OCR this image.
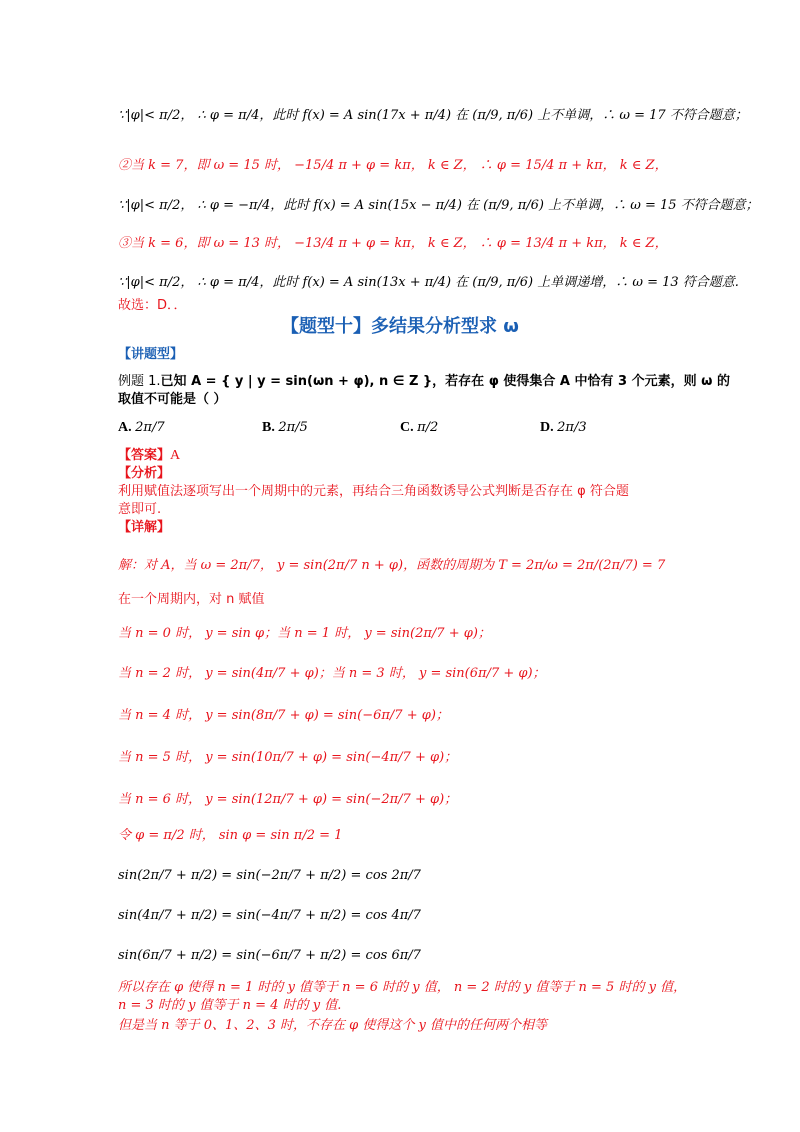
∵|φ|< π/2， ∴ φ = π/4，此时 f(x) = A sin(17x + π/4) 在 (π/9, π/6) 上不单调，∴ ω = 17 不符合题意；
②当 k = 7，即 ω = 15 时， −15/4 π + φ = kπ， k ∈ Z， ∴ φ = 15/4 π + kπ， k ∈ Z，
∵|φ|< π/2， ∴ φ = −π/4，此时 f(x) = A sin(15x − π/4) 在 (π/9, π/6) 上不单调，∴ ω = 15 不符合题意；
③当 k = 6，即 ω = 13 时， −13/4 π + φ = kπ， k ∈ Z， ∴ φ = 13/4 π + kπ， k ∈ Z，
∵|φ|< π/2， ∴ φ = π/4，此时 f(x) = A sin(13x + π/4) 在 (π/9, π/6) 上单调递增，∴ ω = 13 符合题意.
故选：D．．
【题型十】多结果分析型求 ω
【讲题型】
例题 1.已知 A = { y | y = sin(ωn + φ), n ∈ Z }，若存在 φ 使得集合 A 中恰有 3 个元素，则 ω 的
取值不可能是（ ）
A. 2π/7	B. 2π/5	C. π/2	D. 2π/3
【答案】A
【分析】
利用赋值法逐项写出一个周期中的元素，再结合三角函数诱导公式判断是否存在 φ 符合题
意即可.
【详解】
解：对 A，当 ω = 2π/7， y = sin(2π/7 n + φ)，函数的周期为 T = 2π/ω = 2π/(2π/7) = 7
在一个周期内，对 n 赋值
当 n = 0 时， y = sin φ；当 n = 1 时， y = sin(2π/7 + φ)；
当 n = 2 时， y = sin(4π/7 + φ)；当 n = 3 时， y = sin(6π/7 + φ)；
当 n = 4 时， y = sin(8π/7 + φ) = sin(−6π/7 + φ)；
当 n = 5 时， y = sin(10π/7 + φ) = sin(−4π/7 + φ)；
当 n = 6 时， y = sin(12π/7 + φ) = sin(−2π/7 + φ)；
令 φ = π/2 时， sin φ = sin π/2 = 1
sin(2π/7 + π/2) = sin(−2π/7 + π/2) = cos 2π/7
sin(4π/7 + π/2) = sin(−4π/7 + π/2) = cos 4π/7
sin(6π/7 + π/2) = sin(−6π/7 + π/2) = cos 6π/7
所以存在 φ 使得 n = 1 时的 y 值等于 n = 6 时的 y 值， n = 2 时的 y 值等于 n = 5 时的 y 值，
n = 3 时的 y 值等于 n = 4 时的 y 值.
但是当 n 等于 0、1、2、3 时，不存在 φ 使得这个 y 值中的任何两个相等
